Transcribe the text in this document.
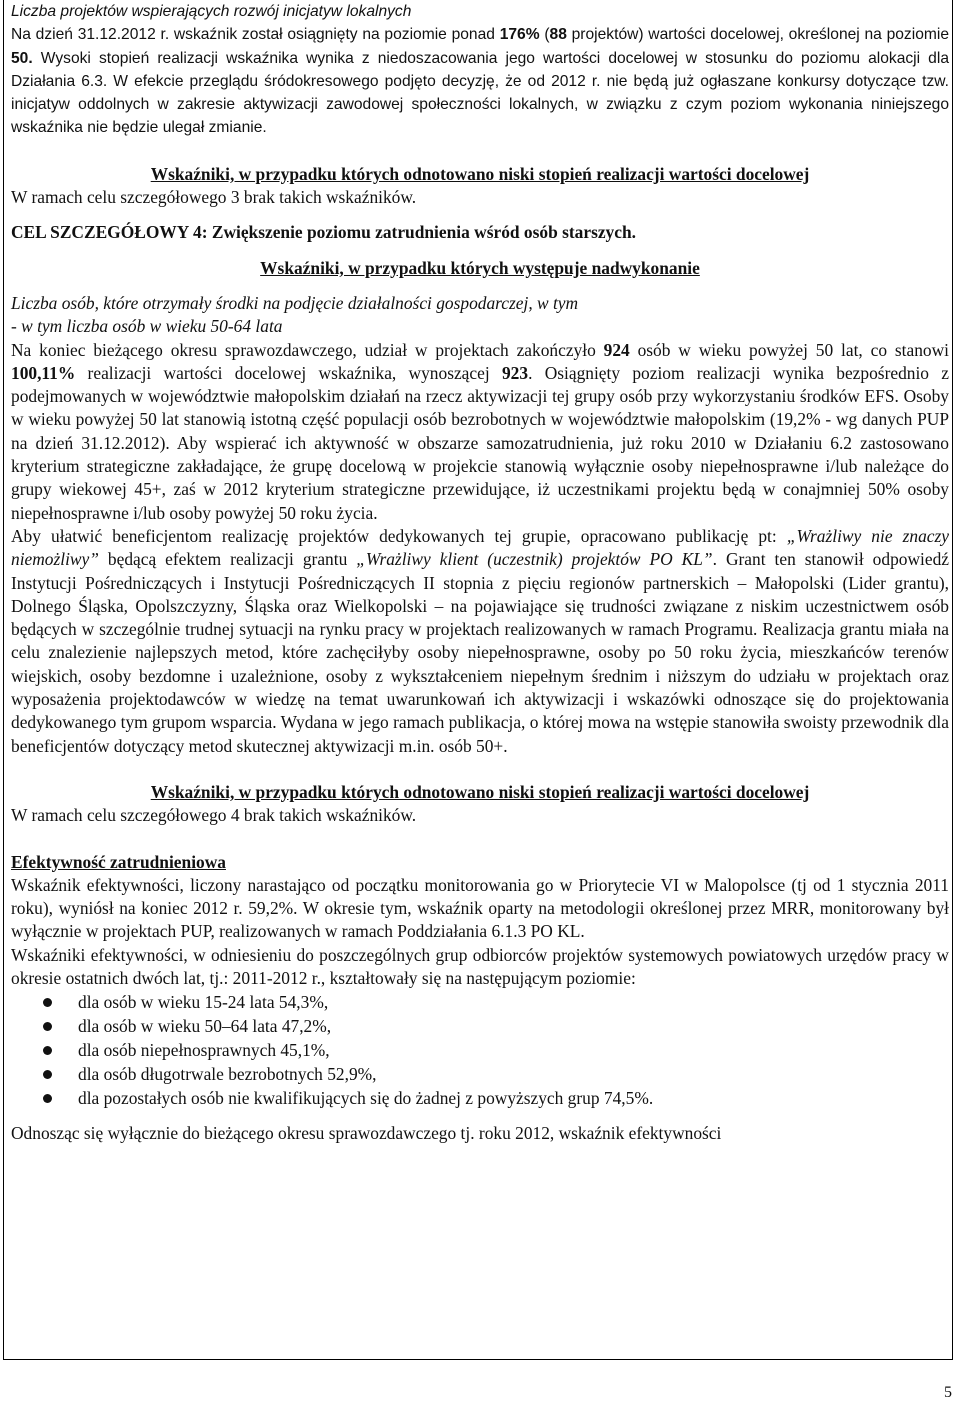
Liczba projektów wspierających rozwój inicjatyw lokalnych

Na dzień 31.12.2012 r. wskaźnik został osiągnięty na poziomie ponad 176% (88 projektów) wartości docelowej, określonej na poziomie 50. Wysoki stopień realizacji wskaźnika wynika z niedoszacowania jego wartości docelowej w stosunku do poziomu alokacji dla Działania 6.3. W efekcie przeglądu śródokresowego podjęto decyzję, że od 2012 r. nie będą już ogłaszane konkursy dotyczące tzw. inicjatyw oddolnych w zakresie aktywizacji zawodowej społeczności lokalnych, w związku z czym poziom wykonania niniejszego wskaźnika nie będzie ulegał zmianie.

Wskaźniki, w przypadku których odnotowano niski stopień realizacji wartości docelowej

W ramach celu szczegółowego 3 brak takich wskaźników.

CEL SZCZEGÓŁOWY 4: Zwiększenie poziomu zatrudnienia wśród osób starszych.

Wskaźniki, w przypadku których występuje nadwykonanie

Liczba osób, które otrzymały środki na podjęcie działalności gospodarczej, w tym

- w tym liczba osób w wieku 50-64 lata

Na koniec bieżącego okresu sprawozdawczego, udział w projektach zakończyło 924 osób w wieku powyżej 50 lat, co stanowi 100,11% realizacji wartości docelowej wskaźnika, wynoszącej 923. Osiągnięty poziom realizacji wynika bezpośrednio z podejmowanych w województwie małopolskim działań na rzecz aktywizacji tej grupy osób przy wykorzystaniu środków EFS. Osoby w wieku powyżej 50 lat stanowią istotną część populacji osób bezrobotnych w województwie małopolskim (19,2% - wg danych PUP na dzień 31.12.2012). Aby wspierać ich aktywność w obszarze samozatrudnienia, już roku 2010 w Działaniu 6.2 zastosowano kryterium strategiczne zakładające, że grupę docelową w projekcie stanowią wyłącznie osoby niepełnosprawne i/lub należące do grupy wiekowej 45+, zaś w 2012 kryterium strategiczne przewidujące, iż uczestnikami projektu będą w conajmniej 50% osoby niepełnosprawne i/lub osoby powyżej 50 roku życia.

Aby ułatwić beneficjentom realizację projektów dedykowanych tej grupie, opracowano publikację pt: „Wrażliwy nie znaczy niemożliwy” będącą efektem realizacji grantu „Wrażliwy klient (uczestnik) projektów PO KL”. Grant ten stanowił odpowiedź Instytucji Pośredniczących i Instytucji Pośredniczących II stopnia z pięciu regionów partnerskich – Małopolski (Lider grantu), Dolnego Śląska, Opolszczyzny, Śląska oraz Wielkopolski – na pojawiające się trudności związane z niskim uczestnictwem osób będących w szczególnie trudnej sytuacji na rynku pracy w projektach realizowanych w ramach Programu. Realizacja grantu miała na celu znalezienie najlepszych metod, które zachęciłyby osoby niepełnosprawne, osoby po 50 roku życia, mieszkańców terenów wiejskich, osoby bezdomne i uzależnione, osoby z wykształceniem niepełnym średnim i niższym do udziału w projektach oraz wyposażenia projektodawców w wiedzę na temat uwarunkowań ich aktywizacji i wskazówki odnoszące się do projektowania dedykowanego tym grupom wsparcia. Wydana w jego ramach publikacja, o której mowa na wstępie stanowiła swoisty przewodnik dla beneficjentów dotyczący metod skutecznej aktywizacji m.in. osób 50+.

Wskaźniki, w przypadku których odnotowano niski stopień realizacji wartości docelowej

W ramach celu szczegółowego 4 brak takich wskaźników.

Efektywność zatrudnieniowa

Wskaźnik efektywności, liczony narastająco od początku monitorowania go w Priorytecie VI w Malopolsce (tj od 1 stycznia 2011 roku), wyniósł na koniec 2012 r. 59,2%. W okresie tym, wskaźnik oparty na metodologii określonej przez MRR, monitorowany był wyłącznie w projektach PUP, realizowanych w ramach Poddziałania 6.1.3 PO KL.

Wskaźniki efektywności, w odniesieniu do poszczególnych grup odbiorców projektów systemowych powiatowych urzędów pracy w okresie ostatnich dwóch lat, tj.: 2011-2012 r., kształtowały się na następującym poziomie:

dla osób w wieku 15-24 lata 54,3%,
dla osób w wieku 50–64 lata 47,2%,
dla osób niepełnosprawnych 45,1%,
dla osób długotrwale bezrobotnych 52,9%,
dla pozostałych osób nie kwalifikujących się do żadnej z powyższych grup 74,5%.

Odnosząc się wyłącznie do bieżącego okresu sprawozdawczego tj. roku 2012, wskaźnik efektywności

5
